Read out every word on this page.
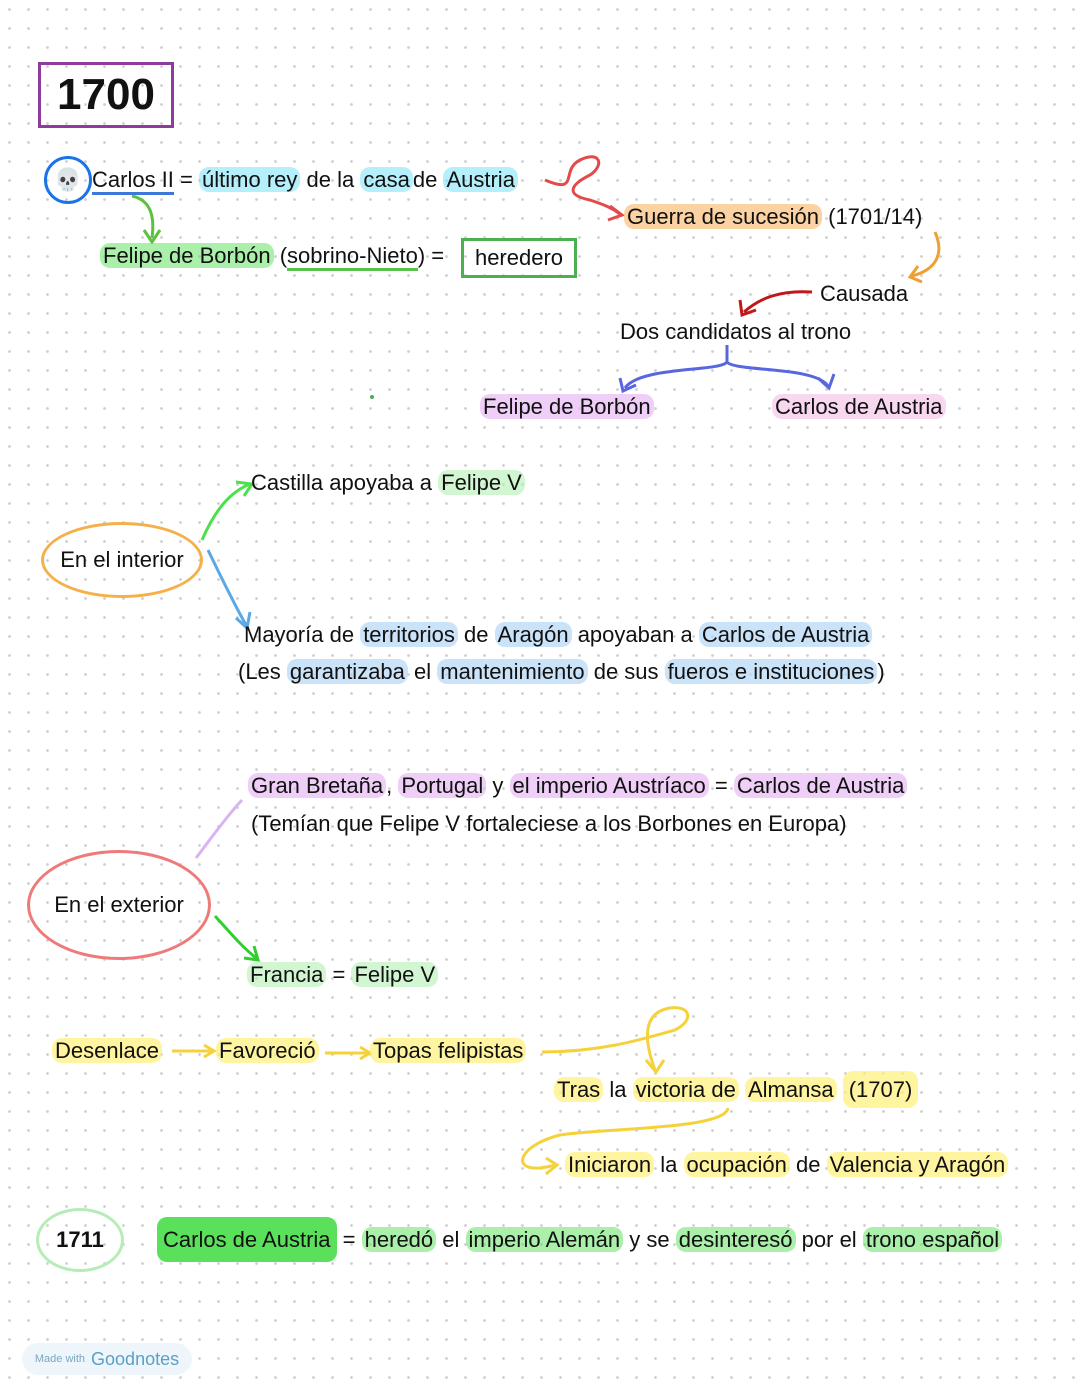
1700
💀 Carlos II = último rey de la casa de Austria
Felipe de Borbón (sobrino-Nieto) =	heredero
Guerra de sucesión (1701/14)
Causada
Dos candidatos al trono
Felipe de Borbón	Carlos de Austria
En el interior
Castilla apoyaba a Felipe V
Mayoría de territorios de Aragón apoyaban a Carlos de Austria
(Les garantizaba el mantenimiento de sus fueros e instituciones )
En el exterior
Gran Bretaña , Portugal y el imperio Austríaco = Carlos de Austria
(Temían que Felipe V fortaleciese a los Borbones en Europa)
Francia = Felipe V
Desenlace	Favoreció	Topas felipistas
Tras la victoria de Almansa (1707)
Iniciaron la ocupación de Valencia y Aragón
1711	Carlos de Austria = heredó el imperio Alemán y se desinteresó por el trono español
Made with Goodnotes
